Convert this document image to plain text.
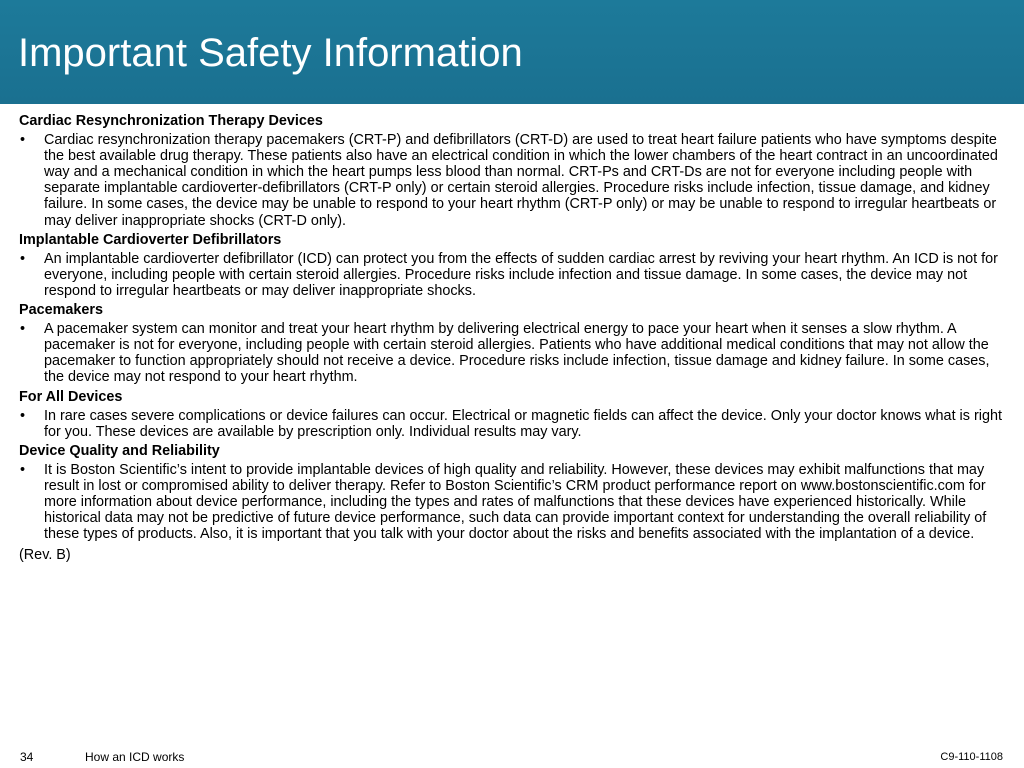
Important Safety Information
Cardiac Resynchronization Therapy Devices
• Cardiac resynchronization therapy pacemakers (CRT-P) and defibrillators (CRT-D) are used to treat heart failure patients who have symptoms despite the best available drug therapy. These patients also have an electrical condition in which the lower chambers of the heart contract in an uncoordinated way and a mechanical condition in which the heart pumps less blood than normal. CRT-Ps and CRT-Ds are not for everyone including people with separate implantable cardioverter-defibrillators (CRT-P only) or certain steroid allergies. Procedure risks include infection, tissue damage, and kidney failure. In some cases, the device may be unable to respond to your heart rhythm (CRT-P only) or may be unable to respond to irregular heartbeats or may deliver inappropriate shocks (CRT-D only).
Implantable Cardioverter Defibrillators
• An implantable cardioverter defibrillator (ICD) can protect you from the effects of sudden cardiac arrest by reviving your heart rhythm. An ICD is not for everyone, including people with certain steroid allergies. Procedure risks include infection and tissue damage. In some cases, the device may not respond to irregular heartbeats or may deliver inappropriate shocks.
Pacemakers
• A pacemaker system can monitor and treat your heart rhythm by delivering electrical energy to pace your heart when it senses a slow rhythm. A pacemaker is not for everyone, including people with certain steroid allergies. Patients who have additional medical conditions that may not allow the pacemaker to function appropriately should not receive a device. Procedure risks include infection, tissue damage and kidney failure. In some cases, the device may not respond to your heart rhythm.
For All Devices
• In rare cases severe complications or device failures can occur. Electrical or magnetic fields can affect the device. Only your doctor knows what is right for you. These devices are available by prescription only. Individual results may vary.
Device Quality and Reliability
• It is Boston Scientific’s intent to provide implantable devices of high quality and reliability. However, these devices may exhibit malfunctions that may result in lost or compromised ability to deliver therapy. Refer to Boston Scientific’s CRM product performance report on www.bostonscientific.com for more information about device performance, including the types and rates of malfunctions that these devices have experienced historically. While historical data may not be predictive of future device performance, such data can provide important context for understanding the overall reliability of these types of products. Also, it is important that you talk with your doctor about the risks and benefits associated with the implantation of a device.
(Rev. B)
34	How an ICD works	C9-110-1108
